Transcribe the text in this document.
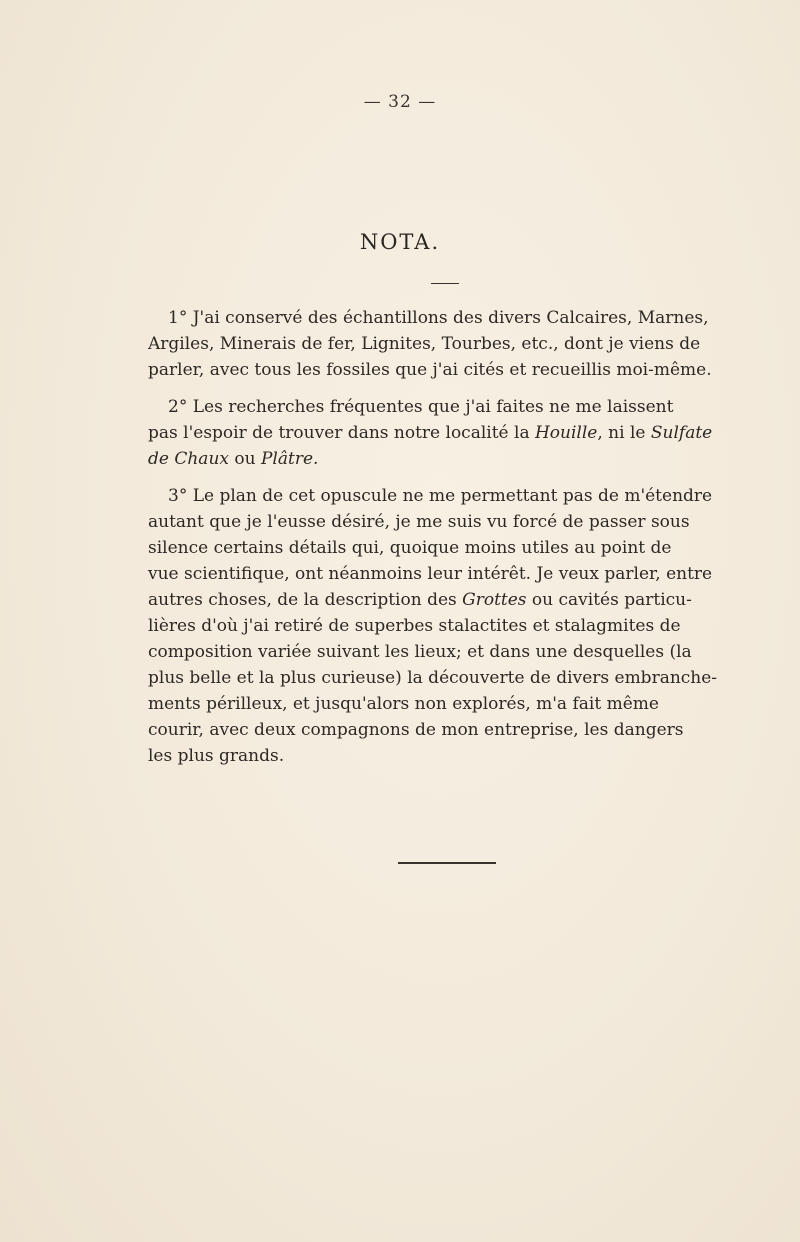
— 32 —
NOTA.
1° J'ai conservé des échantillons des divers Calcaires, Marnes,
Argiles, Minerais de fer, Lignites, Tourbes, etc., dont je viens de
parler, avec tous les fossiles que j'ai cités et recueillis moi-même.
2° Les recherches fréquentes que j'ai faites ne me laissent
pas l'espoir de trouver dans notre localité la Houille, ni le Sulfate
de Chaux ou Plâtre.
3° Le plan de cet opuscule ne me permettant pas de m'étendre
autant que je l'eusse désiré, je me suis vu forcé de passer sous
silence certains détails qui, quoique moins utiles au point de
vue scientifique, ont néanmoins leur intérêt. Je veux parler, entre
autres choses, de la description des Grottes ou cavités particu-
lières d'où j'ai retiré de superbes stalactites et stalagmites de
composition variée suivant les lieux; et dans une desquelles (la
plus belle et la plus curieuse) la découverte de divers embranche-
ments périlleux, et jusqu'alors non explorés, m'a fait même
courir, avec deux compagnons de mon entreprise, les dangers
les plus grands.
